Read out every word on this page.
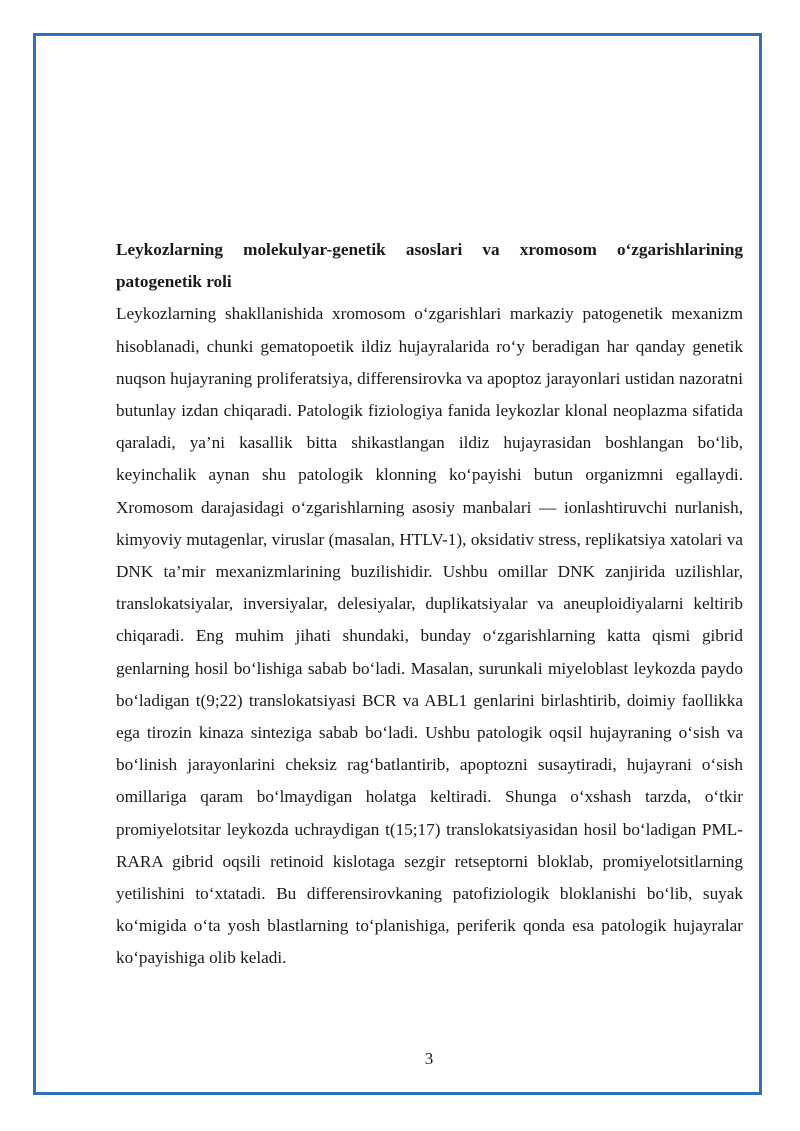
Leykozlarning molekulyar-genetik asoslari va xromosom o‘zgarishlarining patogenetik roli

Leykozlarning shakllanishida xromosom o‘zgarishlari markaziy patogenetik mexanizm hisoblanadi, chunki gematopoetik ildiz hujayralarida ro‘y beradigan har qanday genetik nuqson hujayraning proliferatsiya, differensirovka va apoptoz jarayonlari ustidan nazoratni butunlay izdan chiqaradi. Patologik fiziologiya fanida leykozlar klonal neoplazma sifatida qaraladi, ya’ni kasallik bitta shikastlangan ildiz hujayrasidan boshlangan bo‘lib, keyinchalik aynan shu patologik klonning ko‘payishi butun organizmni egallaydi. Xromosom darajasidagi o‘zgarishlarning asosiy manbalari — ionlashtiruvchi nurlanish, kimyoviy mutagenlar, viruslar (masalan, HTLV-1), oksidativ stress, replikatsiya xatolari va DNK ta’mir mexanizmlarining buzilishidir. Ushbu omillar DNK zanjirida uzilishlar, translokatsiyalar, inversiyalar, delesiyalar, duplikatsiyalar va aneuploidiyalarni keltirib chiqaradi. Eng muhim jihati shundaki, bunday o‘zgarishlarning katta qismi gibrid genlarning hosil bo‘lishiga sabab bo‘ladi. Masalan, surunkali miyeloblast leykozda paydo bo‘ladigan t(9;22) translokatsiyasi BCR va ABL1 genlarini birlashtirib, doimiy faollikka ega tirozin kinaza sinteziga sabab bo‘ladi. Ushbu patologik oqsil hujayraning o‘sish va bo‘linish jarayonlarini cheksiz rag‘batlantirib, apoptozni susaytiradi, hujayrani o‘sish omillariga qaram bo‘lmaydigan holatga keltiradi. Shunga o‘xshash tarzda, o‘tkir promiyelotsitar leykozda uchraydigan t(15;17) translokatsiyasidan hosil bo‘ladigan PML-RARA gibrid oqsili retinoid kislotaga sezgir retseptorni bloklab, promiyelotsitlarning yetilishini to‘xtatadi. Bu differensirovkaning patofiziologik bloklanishi bo‘lib, suyak ko‘migida o‘ta yosh blastlarning to‘planishiga, periferik qonda esa patologik hujayralar ko‘payishiga olib keladi.

3
